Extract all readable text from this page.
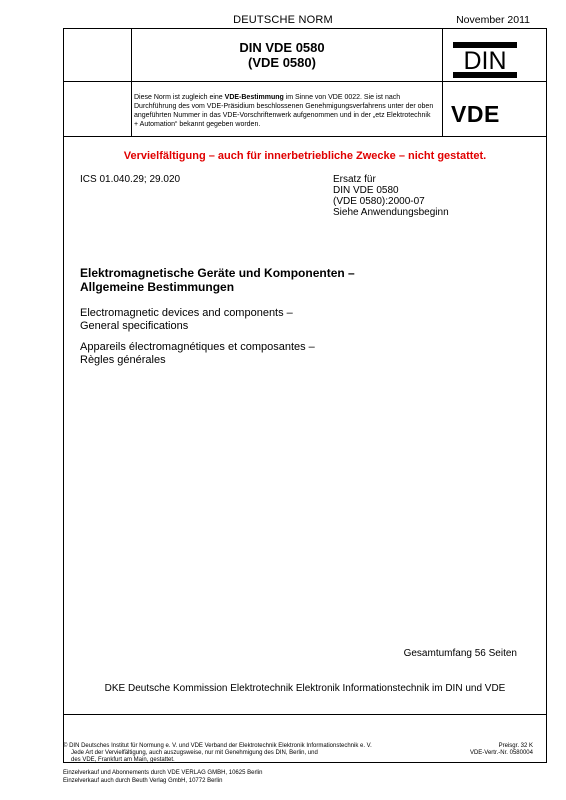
DEUTSCHE NORM	November 2011
DIN VDE 0580
(VDE 0580)
Diese Norm ist zugleich eine VDE-Bestimmung im Sinne von VDE 0022. Sie ist nach Durchführung des vom VDE-Präsidium beschlossenen Genehmigungsverfahrens unter der oben angeführten Nummer in das VDE-Vorschriftenwerk aufgenommen und in der „etz Elektrotechnik + Automation“ bekannt gegeben worden.
DIN
VDE
Vervielfältigung – auch für innerbetriebliche Zwecke – nicht gestattet.
ICS 01.040.29; 29.020	Ersatz für
DIN VDE 0580
(VDE 0580):2000-07
Siehe Anwendungsbeginn
Elektromagnetische Geräte und Komponenten –
Allgemeine Bestimmungen
Electromagnetic devices and components –
General specifications
Appareils électromagnétiques et composantes –
Règles générales
Gesamtumfang 56 Seiten
DKE Deutsche Kommission Elektrotechnik Elektronik Informationstechnik im DIN und VDE
© DIN Deutsches Institut für Normung e. V. und VDE Verband der Elektrotechnik Elektronik Informationstechnik e. V.
Jede Art der Vervielfältigung, auch auszugsweise, nur mit Genehmigung des DIN, Berlin, und
des VDE, Frankfurt am Main, gestattet.
Preisgr. 32 K
VDE-Vertr.-Nr. 0580004
Einzelverkauf und Abonnements durch VDE VERLAG GMBH, 10625 Berlin
Einzelverkauf auch durch Beuth Verlag GmbH, 10772 Berlin
